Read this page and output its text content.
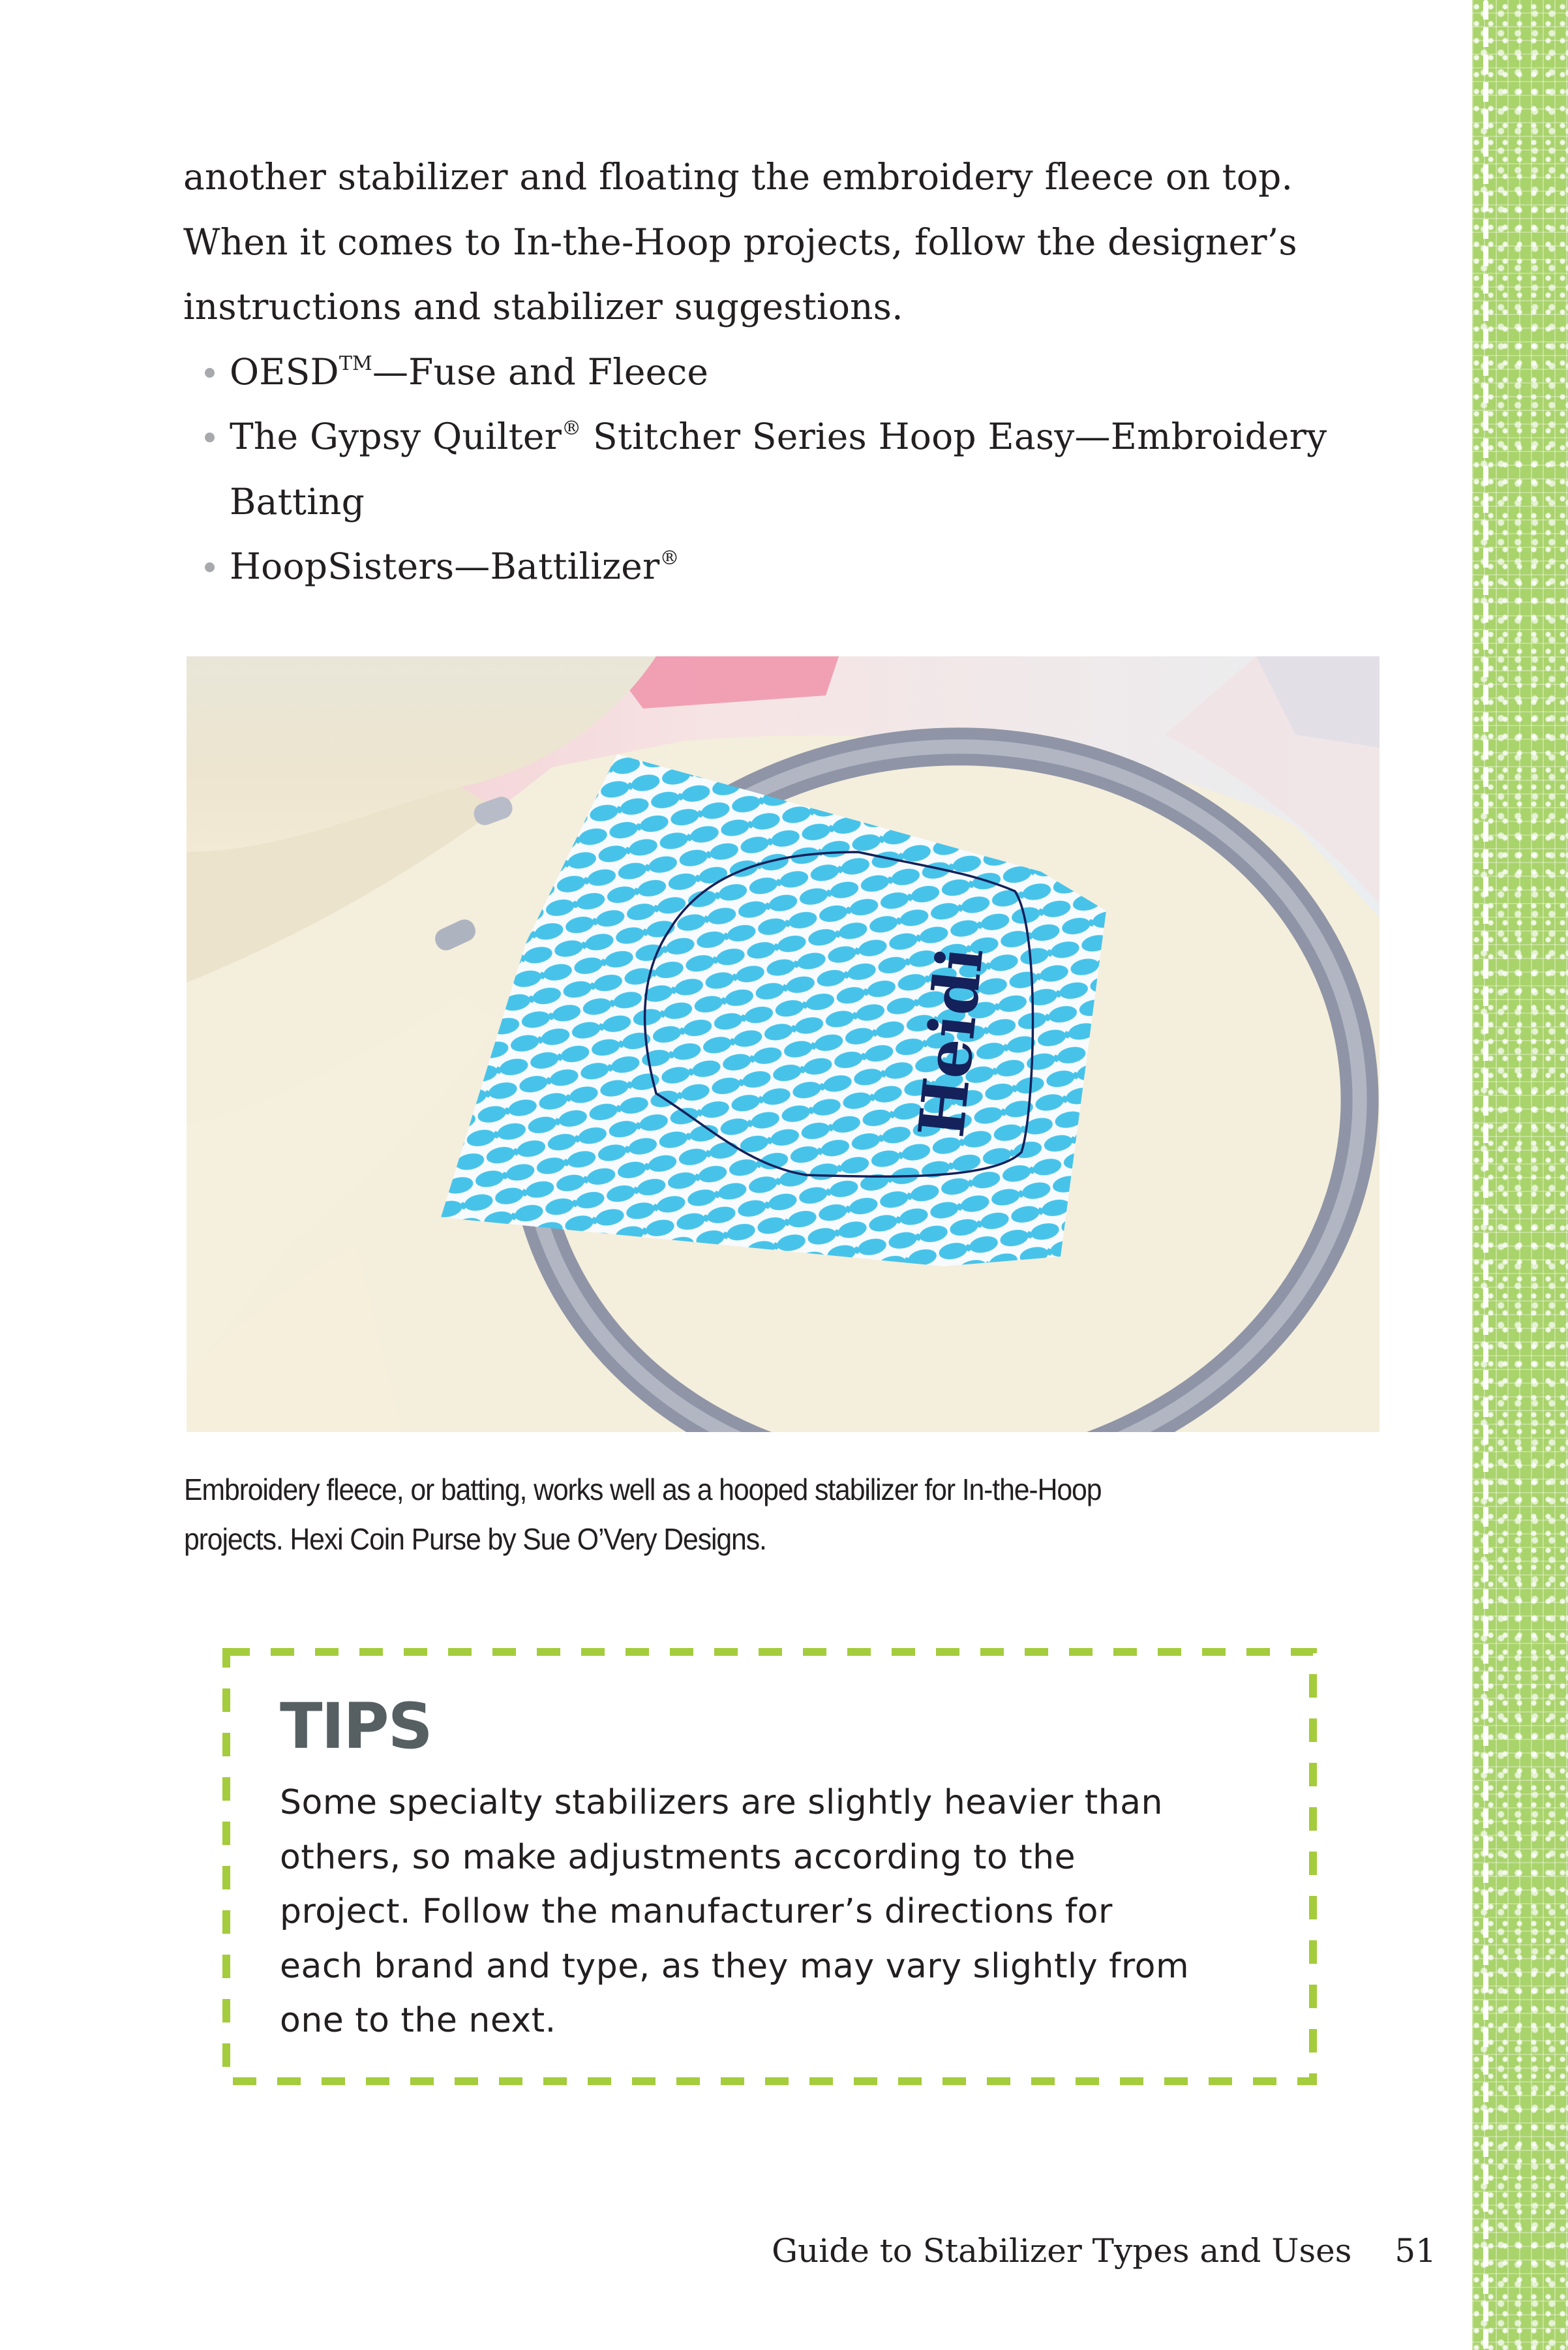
another stabilizer and floating the embroidery fleece on top.

When it comes to In-the-Hoop projects, follow the designer’s

instructions and stabilizer suggestions.

OESD™—Fuse and Fleece
The Gypsy Quilter® Stitcher Series Hoop Easy—Embroidery
Batting
HoopSisters—Battilizer®
Heidi

Embroidery fleece, or batting, works well as a hooped stabilizer for In-the-Hoop

projects. Hexi Coin Purse by Sue O’Very Designs.

TIPS

Some specialty stabilizers are slightly heavier than
others, so make adjustments according to the
project. Follow the manufacturer’s directions for
each brand and type, as they may vary slightly from
one to the next.

Guide to Stabilizer Types and Uses 51
